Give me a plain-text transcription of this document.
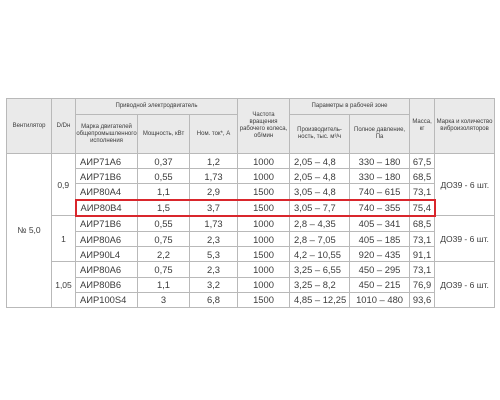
Вентилятор	D/Dн	Приводной электродвигатель			Частота вращения рабочего колеса, об/мин	Параметры в рабочей зоне		Масса, кг	Марка и количество виброизоляторов
		Марка двигателей общепромышленного исполнения	Мощность, кВт	Ном. ток*, А		Производитель-ность, тыс. м³/ч	Полное давление, Па		
№ 5,0	0,9	АИР71А6	0,37	1,2	1000	2,05 – 4,8	330 – 180	67,5	ДО39 - 6 шт.
		АИР71В6	0,55	1,73	1000	2,05 – 4,8	330 – 180	68,5	
		АИР80А4	1,1	2,9	1500	3,05 – 4,8	740 – 615	73,1	
		АИР80В4	1,5	3,7	1500	3,05 – 7,7	740 – 355	75,4	
	1	АИР71В6	0,55	1,73	1000	2,8 – 4,35	405 – 341	68,5	ДО39 - 6 шт.
		АИР80А6	0,75	2,3	1000	2,8 – 7,05	405 – 185	73,1	
		АИР90L4	2,2	5,3	1500	4,2 – 10,55	920 – 435	91,1	
	1,05	АИР80А6	0,75	2,3	1000	3,25 – 6,55	450 – 295	73,1	ДО39 - 6 шт.
		АИР80В6	1,1	3,2	1000	3,25 – 8,2	450 – 215	76,9	
		АИР100S4	3	6,8	1500	4,85 – 12,25	1010 – 480	93,6	
